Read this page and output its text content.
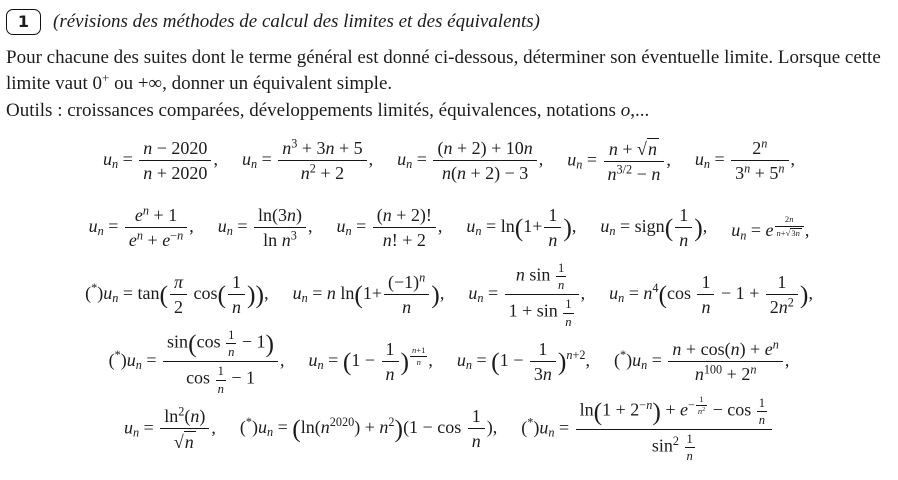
1 (révisions des méthodes de calcul des limites et des équivalents)

Pour chacune des suites dont le terme général est donné ci-dessous, déterminer son éventuelle limite. Lorsque cette limite vaut 0+ ou +∞, donner un équivalent simple.

Outils : croissances comparées, développements limités, équivalences, notations o,...

$u_n = \frac{n - 2020}{n + 2020}$ , $u_n = \frac{n^3 + 3n + 5}{n^2 + 2}$ , $u_n = \frac{(n + 2) + 10n}{n(n + 2) - 3}$ , $u_n = \frac{n + √n}{n^{3/2} - n}$ , $u_n = \frac{2^n}{3^n + 5^n}$ ,
$u_n = \frac{e^n + 1}{e^n + e^{-n}}$ , $u_n = \frac{\ln(3n)}{\ln n^3}$ , $u_n = \frac{(n + 2)!}{n! + 2}$ , $u_n = \ln(1+ \frac{1}{n}$ ), $u_n$ = sign( $\frac{1}{n}$ ), $u_n = e$ $^{\frac{2n}{n+√3n}}$ ,
$(^*)u_n = \tan( \frac{\pi}{2} \cos( \frac{1}{n}$ )), $u_n = n$ $\ln(1+ \frac{(-1)^n}{n}$ ), $u_n = \frac{n \sin \frac{1}{n}}{1 + \sin \frac{1}{n}}$ , $u_n = n^4(\cos \frac{1}{n} - 1 + \frac{1}{2n^2}$ ),
$(^*)u_n = \frac{\sin(\cos \frac{1}{n} - 1)}{\cos \frac{1}{n} - 1}$ , $u_n = (1 - \frac{1}{n}$ ) $^{\frac{n+1}{n}}$ , $u_n = (1 - \frac{1}{3n} )^{n+2}$, $(^*)u_n = \frac{n + \cos(n) + e^n}{n^{100} + 2^n}$ ,
$u_n = \frac{\ln^2(n)}{√n}$ , $(^*)u_n = (\ln(n^{2020}) + n^2)(1 - \cos \frac{1}{n}$ ), $(^*)u_n = \ln(1 + 2^{-n}) + e^{- \frac{1}{n^2}} - \cos \frac{1}{n}$
$\sin^2 \frac{1}{n}$
